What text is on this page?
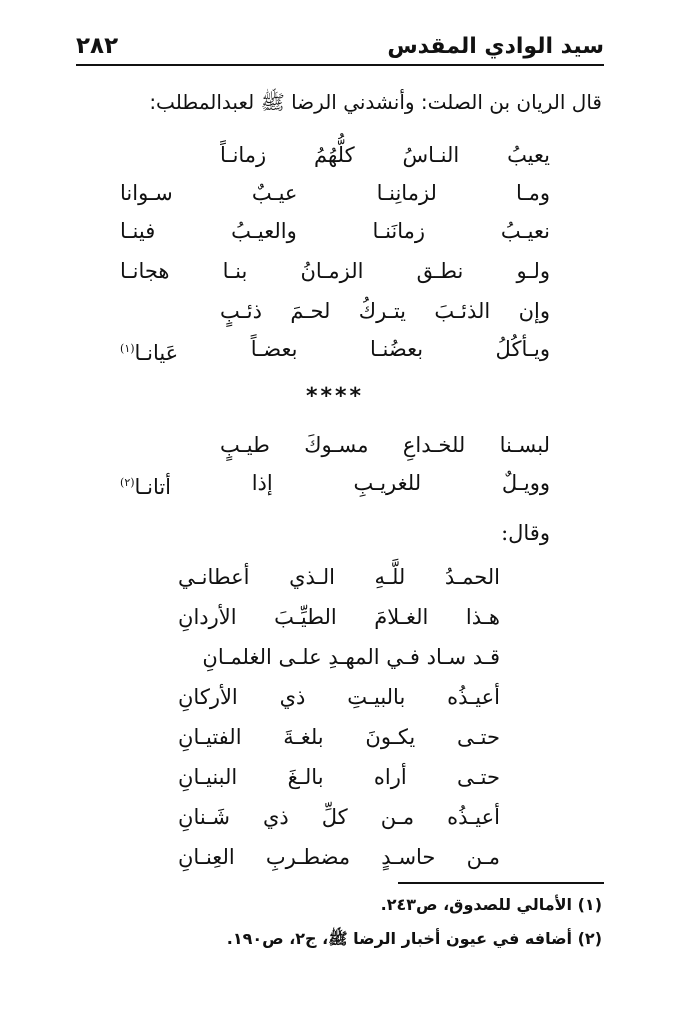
٢٨٢	سيد الوادي المقدس
قال الريان بن الصلت: وأنشدني الرضا ﷺ لعبدالمطلب:
يعيبُ
النـاسُ
كلُّهُمُ
زمانـاً
ومـا
لزمانِنـا
عيـبٌ
سـوانا
نعيـبُ
زمانَنـا
والعيـبُ
فينـا
ولـو
نطـق
الزمـانُ
بنـا
هجانـا
وإن
الذئـبَ
يتـركُ
لحـمَ
ذئـبٍ
ويـأكُلُ
بعضُنـا
بعضـاً
عَيانـا$^{(١)}$
****
لبسـنا
للخـداعِ
مسـوكَ
طيـبٍ
وويـلٌ
للغريـبِ
إذا
أتانـا$^{(٢)}$
وقال:
الحمـدُ
للَّـهِ
الـذي
أعطانـي
هـذا
الغـلامَ
الطيِّـبَ
الأردانِ
قـد سـاد فـي المهـدِ علـى الغلمـانِ
أعيـذُه
بالبيـتِ
ذي
الأركانِ
حتـى
يكـونَ
بلغـةَ
الفتيـانِ
حتـى
أراه
بالـغَ
البنيـانِ
أعيـذُه
مـن
كلِّ
ذي
شَـنانِ
مـن
حاسـدٍ
مضطـربِ
العِنـانِ
(١) الأمالي للصدوق، ص٢٤٣.
(٢) أضافه في عيون أخبار الرضا ﷺ، ج٢، ص١٩٠.
